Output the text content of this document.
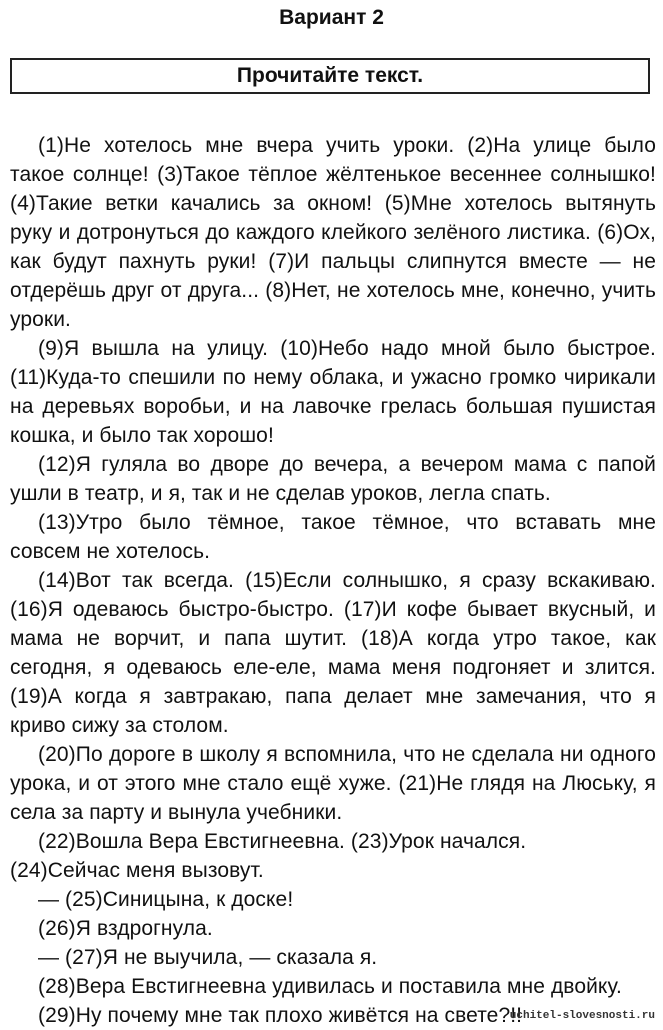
Вариант 2
Прочитайте текст.

(1)Не хотелось мне вчера учить уроки. (2)На улице было такое солнце! (3)Такое тёплое жёлтенькое весеннее солнышко! (4)Такие ветки качались за окном! (5)Мне хотелось вытянуть руку и дотронуться до каждого клейкого зелёного листика. (6)Ох, как будут пахнуть руки! (7)И пальцы слипнутся вместе — не отдерёшь друг от друга... (8)Нет, не хотелось мне, конечно, учить уроки.

(9)Я вышла на улицу. (10)Небо надо мной было быстрое. (11)Куда-то спешили по нему облака, и ужасно громко чирикали на деревьях воробьи, и на лавочке грелась большая пушистая кошка, и было так хорошо!

(12)Я гуляла во дворе до вечера, а вечером мама с папой ушли в театр, и я, так и не сделав уроков, легла спать.

(13)Утро было тёмное, такое тёмное, что вставать мне совсем не хотелось.

(14)Вот так всегда. (15)Если солнышко, я сразу вскакиваю. (16)Я одеваюсь быстро-быстро. (17)И кофе бывает вкусный, и мама не ворчит, и папа шутит. (18)А когда утро такое, как сегодня, я одеваюсь еле-еле, мама меня подгоняет и злится. (19)А когда я завтракаю, папа делает мне замечания, что я криво сижу за столом.

(20)По дороге в школу я вспомнила, что не сделала ни одного урока, и от этого мне стало ещё хуже. (21)Не глядя на Люську, я села за парту и вынула учебники.

(22)Вошла Вера Евстигнеевна. (23)Урок начался.

(24)Сейчас меня вызовут.

— (25)Синицына, к доске!

(26)Я вздрогнула.

— (27)Я не выучила, — сказала я.

(28)Вера Евстигнеевна удивилась и поставила мне двойку.

(29)Ну почему мне так плохо живётся на свете?!!

uchitel-slovesnosti.ru
